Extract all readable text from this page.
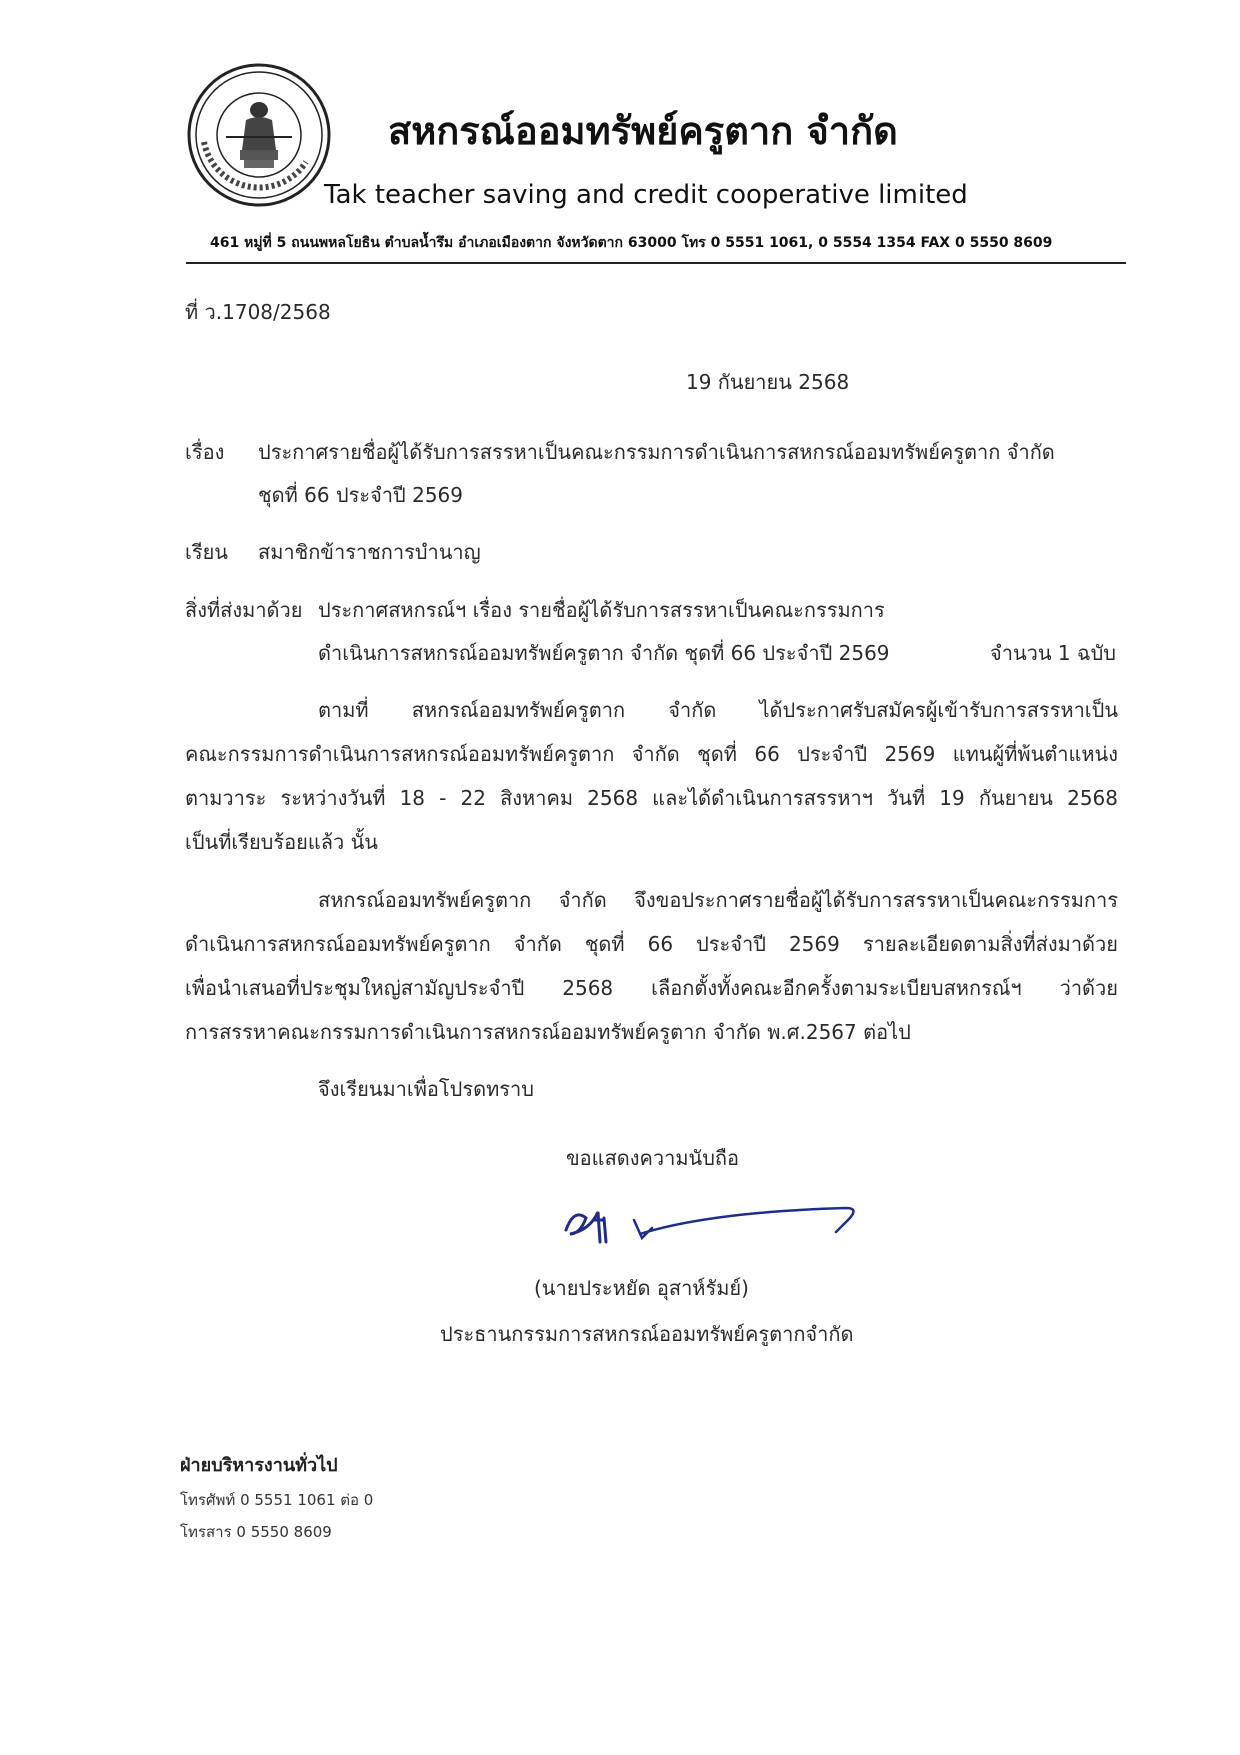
สหกรณ์ออมทรัพย์ครูตาก จำกัด
Tak teacher saving and credit cooperative limited
461 หมู่ที่ 5 ถนนพหลโยธิน ตำบลน้ำรึม อำเภอเมืองตาก จังหวัดตาก 63000 โทร 0 5551 1061, 0 5554 1354 FAX 0 5550 8609
ที่ ว.1708/2568
19 กันยายน 2568
เรื่อง ประกาศรายชื่อผู้ได้รับการสรรหาเป็นคณะกรรมการดำเนินการสหกรณ์ออมทรัพย์ครูตาก จำกัด
ชุดที่ 66 ประจำปี 2569
เรียน สมาชิกข้าราชการบำนาญ
สิ่งที่ส่งมาด้วย ประกาศสหกรณ์ฯ เรื่อง รายชื่อผู้ได้รับการสรรหาเป็นคณะกรรมการ
ดำเนินการสหกรณ์ออมทรัพย์ครูตาก จำกัด ชุดที่ 66 ประจำปี 2569	จำนวน 1 ฉบับ
ตามที่ สหกรณ์ออมทรัพย์ครูตาก จำกัด ได้ประกาศรับสมัครผู้เข้ารับการสรรหาเป็น
คณะกรรมการดำเนินการสหกรณ์ออมทรัพย์ครูตาก จำกัด ชุดที่ 66 ประจำปี 2569 แทนผู้ที่พ้นตำแหน่ง
ตามวาระ ระหว่างวันที่ 18 - 22 สิงหาคม 2568 และได้ดำเนินการสรรหาฯ วันที่ 19 กันยายน 2568
เป็นที่เรียบร้อยแล้ว นั้น
สหกรณ์ออมทรัพย์ครูตาก จำกัด จึงขอประกาศรายชื่อผู้ได้รับการสรรหาเป็นคณะกรรมการ
ดำเนินการสหกรณ์ออมทรัพย์ครูตาก จำกัด ชุดที่ 66 ประจำปี 2569 รายละเอียดตามสิ่งที่ส่งมาด้วย
เพื่อนำเสนอที่ประชุมใหญ่สามัญประจำปี 2568 เลือกตั้งทั้งคณะอีกครั้งตามระเบียบสหกรณ์ฯ ว่าด้วย
การสรรหาคณะกรรมการดำเนินการสหกรณ์ออมทรัพย์ครูตาก จำกัด พ.ศ.2567 ต่อไป
จึงเรียนมาเพื่อโปรดทราบ
ขอแสดงความนับถือ
(นายประหยัด อุสาห์รัมย์)
ประธานกรรมการสหกรณ์ออมทรัพย์ครูตากจำกัด
ฝ่ายบริหารงานทั่วไป
โทรศัพท์ 0 5551 1061 ต่อ 0
โทรสาร 0 5550 8609
